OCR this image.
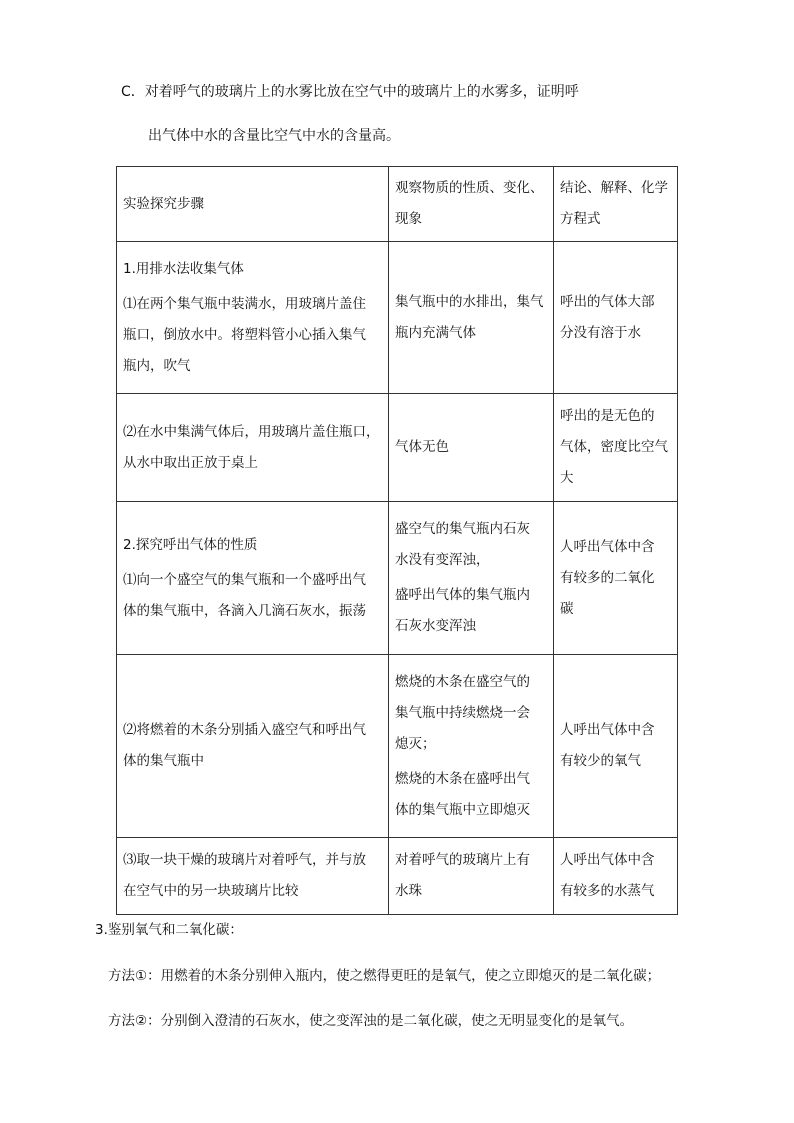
C．对着呼气的玻璃片上的水雾比放在空气中的玻璃片上的水雾多，证明呼

出气体中水的含量比空气中水的含量高。

实验探究步骤	观察物质的性质、变化、
现象	结论、解释、化学
方程式

1.用排水法收集气体
⑴在两个集气瓶中装满水，用玻璃片盖住
瓶口，倒放水中。将塑料管小心插入集气
瓶内，吹气	集气瓶中的水排出，集气
瓶内充满气体	呼出的气体大部
分没有溶于水

⑵在水中集满气体后，用玻璃片盖住瓶口，
从水中取出正放于桌上	气体无色	呼出的是无色的
气体，密度比空气
大

2.探究呼出气体的性质
⑴向一个盛空气的集气瓶和一个盛呼出气
体的集气瓶中，各滴入几滴石灰水，振荡	盛空气的集气瓶内石灰
水没有变浑浊，
盛呼出气体的集气瓶内
石灰水变浑浊	人呼出气体中含
有较多的二氧化
碳

⑵将燃着的木条分别插入盛空气和呼出气
体的集气瓶中	燃烧的木条在盛空气的
集气瓶中持续燃烧一会
熄灭；
燃烧的木条在盛呼出气
体的集气瓶中立即熄灭	人呼出气体中含
有较少的氧气

⑶取一块干燥的玻璃片对着呼气，并与放
在空气中的另一块玻璃片比较	对着呼气的玻璃片上有
水珠	人呼出气体中含
有较多的水蒸气

3.鉴别氧气和二氧化碳：

方法①：用燃着的木条分别伸入瓶内，使之燃得更旺的是氧气，使之立即熄灭的是二氧化碳；

方法②：分别倒入澄清的石灰水，使之变浑浊的是二氧化碳，使之无明显变化的是氧气。
